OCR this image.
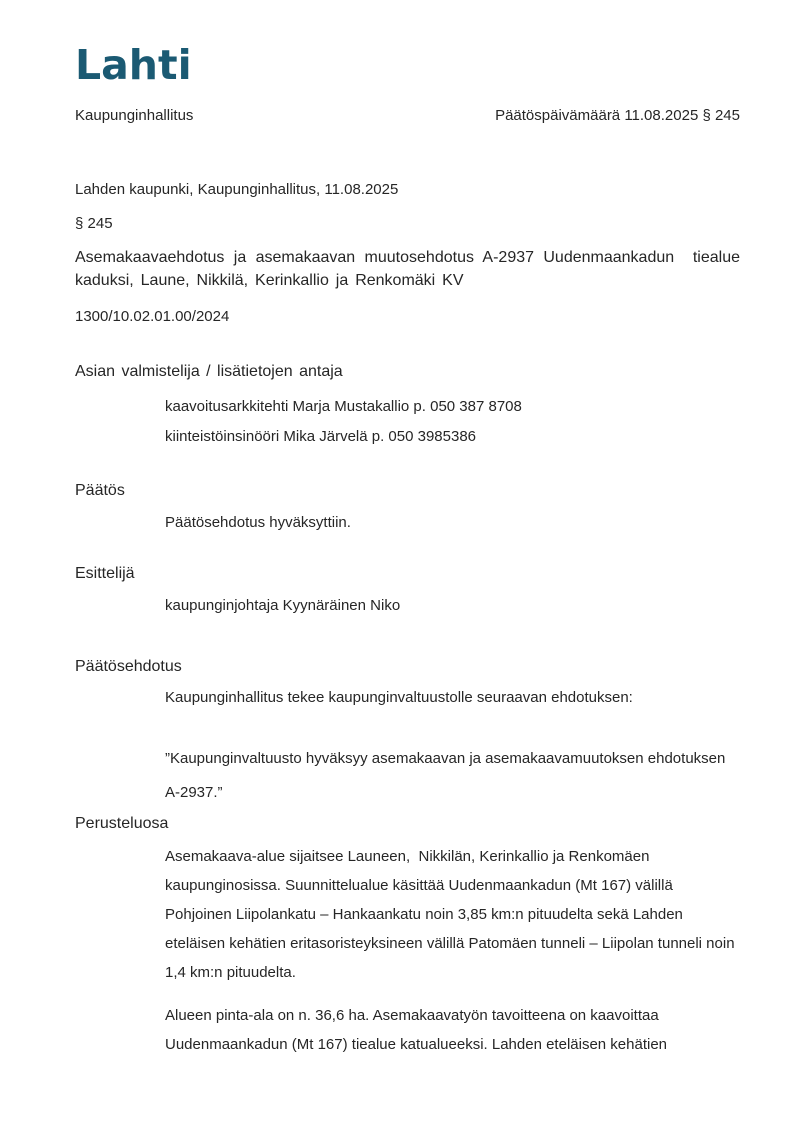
Lahti
Kaupunginhallitus	Päätöspäivämäärä 11.08.2025 § 245
Lahden kaupunki, Kaupunginhallitus, 11.08.2025
§ 245
Asemakaavaehdotus ja asemakaavan muutosehdotus A-2937 Uudenmaankadun  tiealue kaduksi, Laune, Nikkilä, Kerinkallio ja Renkomäki KV
1300/10.02.01.00/2024
Asian valmistelija / lisätietojen antaja
kaavoitusarkkitehti Marja Mustakallio p. 050 387 8708
kiinteistöinsinööri Mika Järvelä p. 050 3985386
Päätös
Päätösehdotus hyväksyttiin.
Esittelijä
kaupunginjohtaja Kyynäräinen Niko
Päätösehdotus
Kaupunginhallitus tekee kaupunginvaltuustolle seuraavan ehdotuksen:
”Kaupunginvaltuusto hyväksyy asemakaavan ja asemakaavamuutoksen ehdotuksen
A-2937.”
Perusteluosa
Asemakaava-alue sijaitsee Launeen,  Nikkilän, Kerinkallio ja Renkomäen kaupunginosissa. Suunnittelualue käsittää Uudenmaankadun (Mt 167) välillä Pohjoinen Liipolankatu – Hankaankatu noin 3,85 km:n pituudelta sekä Lahden eteläisen kehätien eritasoristeyksineen välillä Patomäen tunneli – Liipolan tunneli noin 1,4 km:n pituudelta.
Alueen pinta-ala on n. 36,6 ha. Asemakaavatyön tavoitteena on kaavoittaa Uudenmaankadun (Mt 167) tiealue katualueeksi. Lahden eteläisen kehätien
